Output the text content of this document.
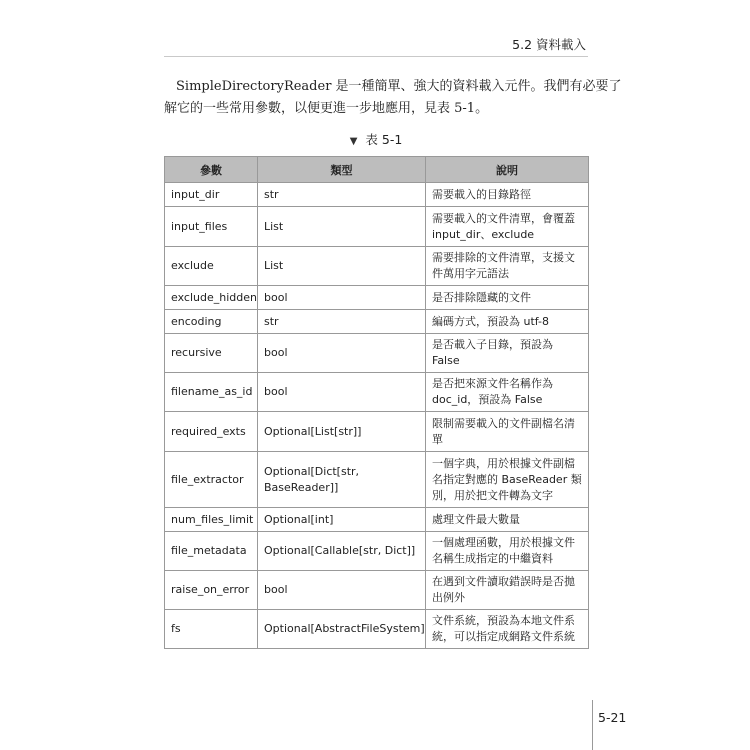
5.2 資料載入

SimpleDirectoryReader 是一種簡單、強大的資料載入元件。我們有必要了
解它的一些常用參數，以便更進一步地應用，見表 5-1。

▼ 表 5-1
參數	類型	說明
input_dir	str	需要載入的目錄路徑
input_files	List	需要載入的文件清單，會覆蓋input_dir、exclude
exclude	List	需要排除的文件清單，支援文件萬用字元語法
exclude_hidden	bool	是否排除隱藏的文件
encoding	str	編碼方式，預設為 utf-8
recursive	bool	是否載入子目錄，預設為 False
filename_as_id	bool	是否把來源文件名稱作為 doc_id，預設為 False
required_exts	Optional[List[str]]	限制需要載入的文件副檔名清單
file_extractor	Optional[Dict[str, BaseReader]]	一個字典，用於根據文件副檔名指定對應的 BaseReader 類別，用於把文件轉為文字
num_files_limit	Optional[int]	處理文件最大數量
file_metadata	Optional[Callable[str, Dict]]	一個處理函數，用於根據文件名稱生成指定的中繼資料
raise_on_error	bool	在遇到文件讀取錯誤時是否拋出例外
fs	Optional[AbstractFileSystem]	文件系統，預設為本地文件系統，可以指定成網路文件系統
5-21
